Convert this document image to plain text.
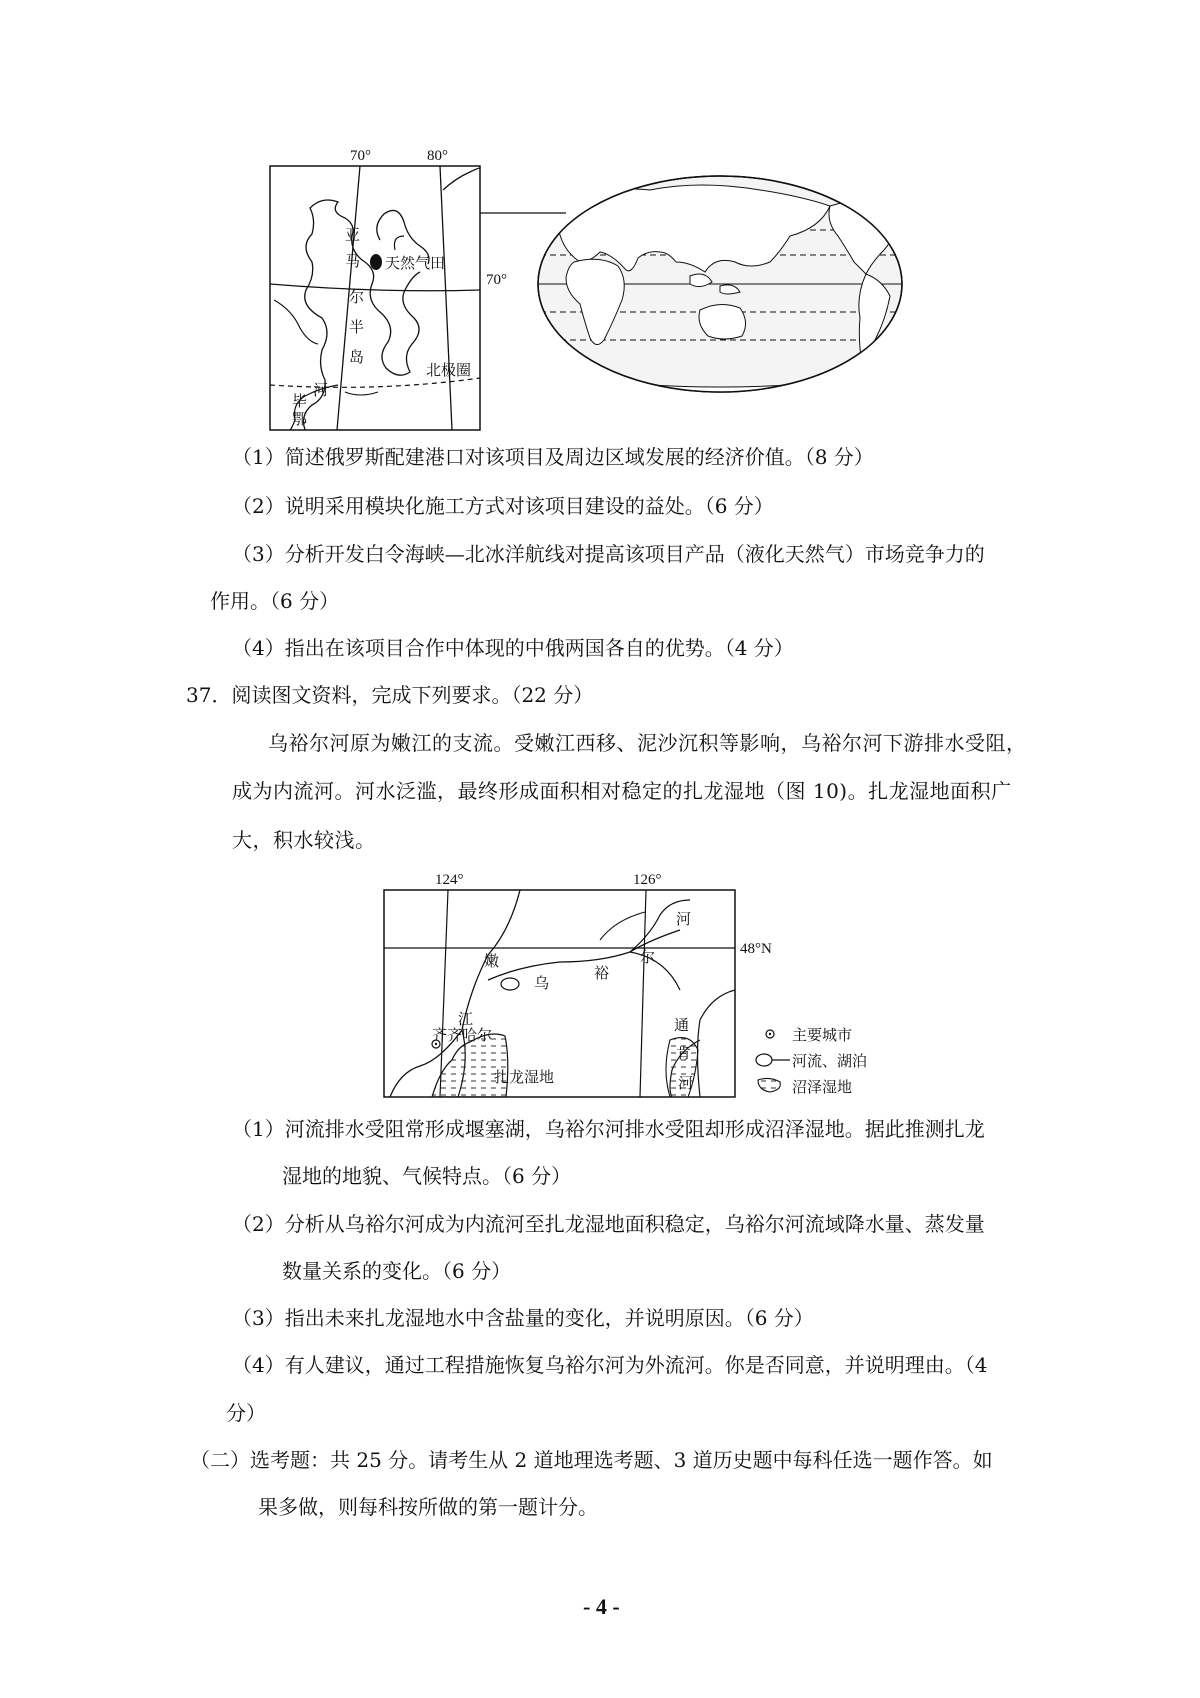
70°	80°
70°
亚
马
尔
半
岛
天然气田
北极圈
河
毕
鄂
（1）简述俄罗斯配建港口对该项目及周边区域发展的经济价值。（8 分）
（2）说明采用模块化施工方式对该项目建设的益处。（6 分）
（3）分析开发白令海峡—北冰洋航线对提高该项目产品（液化天然气）市场竞争力的
作用。（6 分）
（4）指出在该项目合作中体现的中俄两国各自的优势。（4 分）
37．阅读图文资料，完成下列要求。（22 分）
乌裕尔河原为嫩江的支流。受嫩江西移、泥沙沉积等影响，乌裕尔河下游排水受阻，
成为内流河。河水泛滥，最终形成面积相对稳定的扎龙湿地（图 10)。扎龙湿地面积广
大，积水较浅。
124°	126°
48°N
嫩
江
乌
裕
尔
河
通
肯
河
齐齐哈尔
扎龙湿地
主要城市
河流、湖泊
沼泽湿地
（1）河流排水受阻常形成堰塞湖，乌裕尔河排水受阻却形成沼泽湿地。据此推测扎龙
湿地的地貌、气候特点。（6 分）
（2）分析从乌裕尔河成为内流河至扎龙湿地面积稳定，乌裕尔河流域降水量、蒸发量
数量关系的变化。（6 分）
（3）指出未来扎龙湿地水中含盐量的变化，并说明原因。（6 分）
（4）有人建议，通过工程措施恢复乌裕尔河为外流河。你是否同意，并说明理由。（4
分）
（二）选考题：共 25 分。请考生从 2 道地理选考题、3 道历史题中每科任选一题作答。如
果多做，则每科按所做的第一题计分。
- 4 -
